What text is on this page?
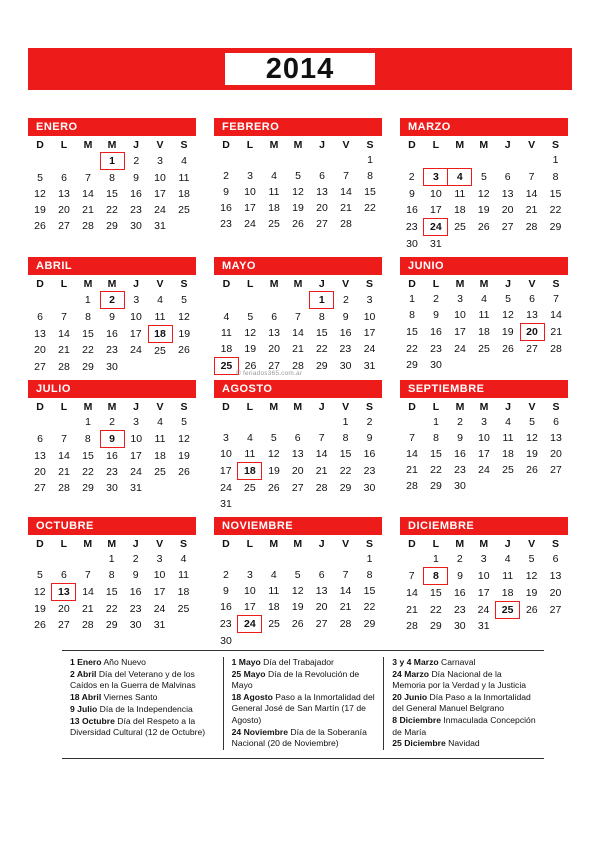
2014
ENERO
D	L	M	M	J	V	S
			1	2	3	4
5	6	7	8	9	10	11
12	13	14	15	16	17	18
19	20	21	22	23	24	25
26	27	28	29	30	31	
FEBRERO
D	L	M	M	J	V	S
						1
2	3	4	5	6	7	8
9	10	11	12	13	14	15
16	17	18	19	20	21	22
23	24	25	26	27	28	
MARZO
D	L	M	M	J	V	S
						1
2	3	4	5	6	7	8
9	10	11	12	13	14	15
16	17	18	19	20	21	22
23	24	25	26	27	28	29
30	31					
ABRIL
D	L	M	M	J	V	S
		1	2	3	4	5
6	7	8	9	10	11	12
13	14	15	16	17	18	19
20	21	22	23	24	25	26
27	28	29	30			
MAYO
D	L	M	M	J	V	S
				1	2	3
4	5	6	7	8	9	10
11	12	13	14	15	16	17
18	19	20	21	22	23	24
25	26	27	28	29	30	31
JUNIO
D	L	M	M	J	V	S
1	2	3	4	5	6	7
8	9	10	11	12	13	14
15	16	17	18	19	20	21
22	23	24	25	26	27	28
29	30					
JULIO
D	L	M	M	J	V	S
		1	2	3	4	5
6	7	8	9	10	11	12
13	14	15	16	17	18	19
20	21	22	23	24	25	26
27	28	29	30	31		
AGOSTO
D	L	M	M	J	V	S
					1	2
3	4	5	6	7	8	9
10	11	12	13	14	15	16
17	18	19	20	21	22	23
24	25	26	27	28	29	30
31						
SEPTIEMBRE
D	L	M	M	J	V	S
	1	2	3	4	5	6
7	8	9	10	11	12	13
14	15	16	17	18	19	20
21	22	23	24	25	26	27
28	29	30				
OCTUBRE
D	L	M	M	J	V	S
			1	2	3	4
5	6	7	8	9	10	11
12	13	14	15	16	17	18
19	20	21	22	23	24	25
26	27	28	29	30	31	
NOVIEMBRE
D	L	M	M	J	V	S
						1
2	3	4	5	6	7	8
9	10	11	12	13	14	15
16	17	18	19	20	21	22
23	24	25	26	27	28	29
30						
DICIEMBRE
D	L	M	M	J	V	S
	1	2	3	4	5	6
7	8	9	10	11	12	13
14	15	16	17	18	19	20
21	22	23	24	25	26	27
28	29	30	31			
© feriados365.com.ar
1 Enero Año Nuevo
2 Abril Día del Veterano y de los Caídos en la Guerra de Malvinas
18 Abril Viernes Santo
9 Julio Día de la Independencia
13 Octubre Día del Respeto a la Diversidad Cultural (12 de Octubre)
1 Mayo Día del Trabajador
25 Mayo Día de la Revolución de Mayo
18 Agosto Paso a la Inmortalidad del General José de San Martín (17 de Agosto)
24 Noviembre Día de la Soberanía Nacional (20 de Noviembre)
3 y 4 Marzo Carnaval
24 Marzo Día Nacional de la Memoria por la Verdad y la Justicia
20 Junio Día Paso a la Inmortalidad del General Manuel Belgrano
8 Diciembre Inmaculada Concepción de María
25 Diciembre Navidad
